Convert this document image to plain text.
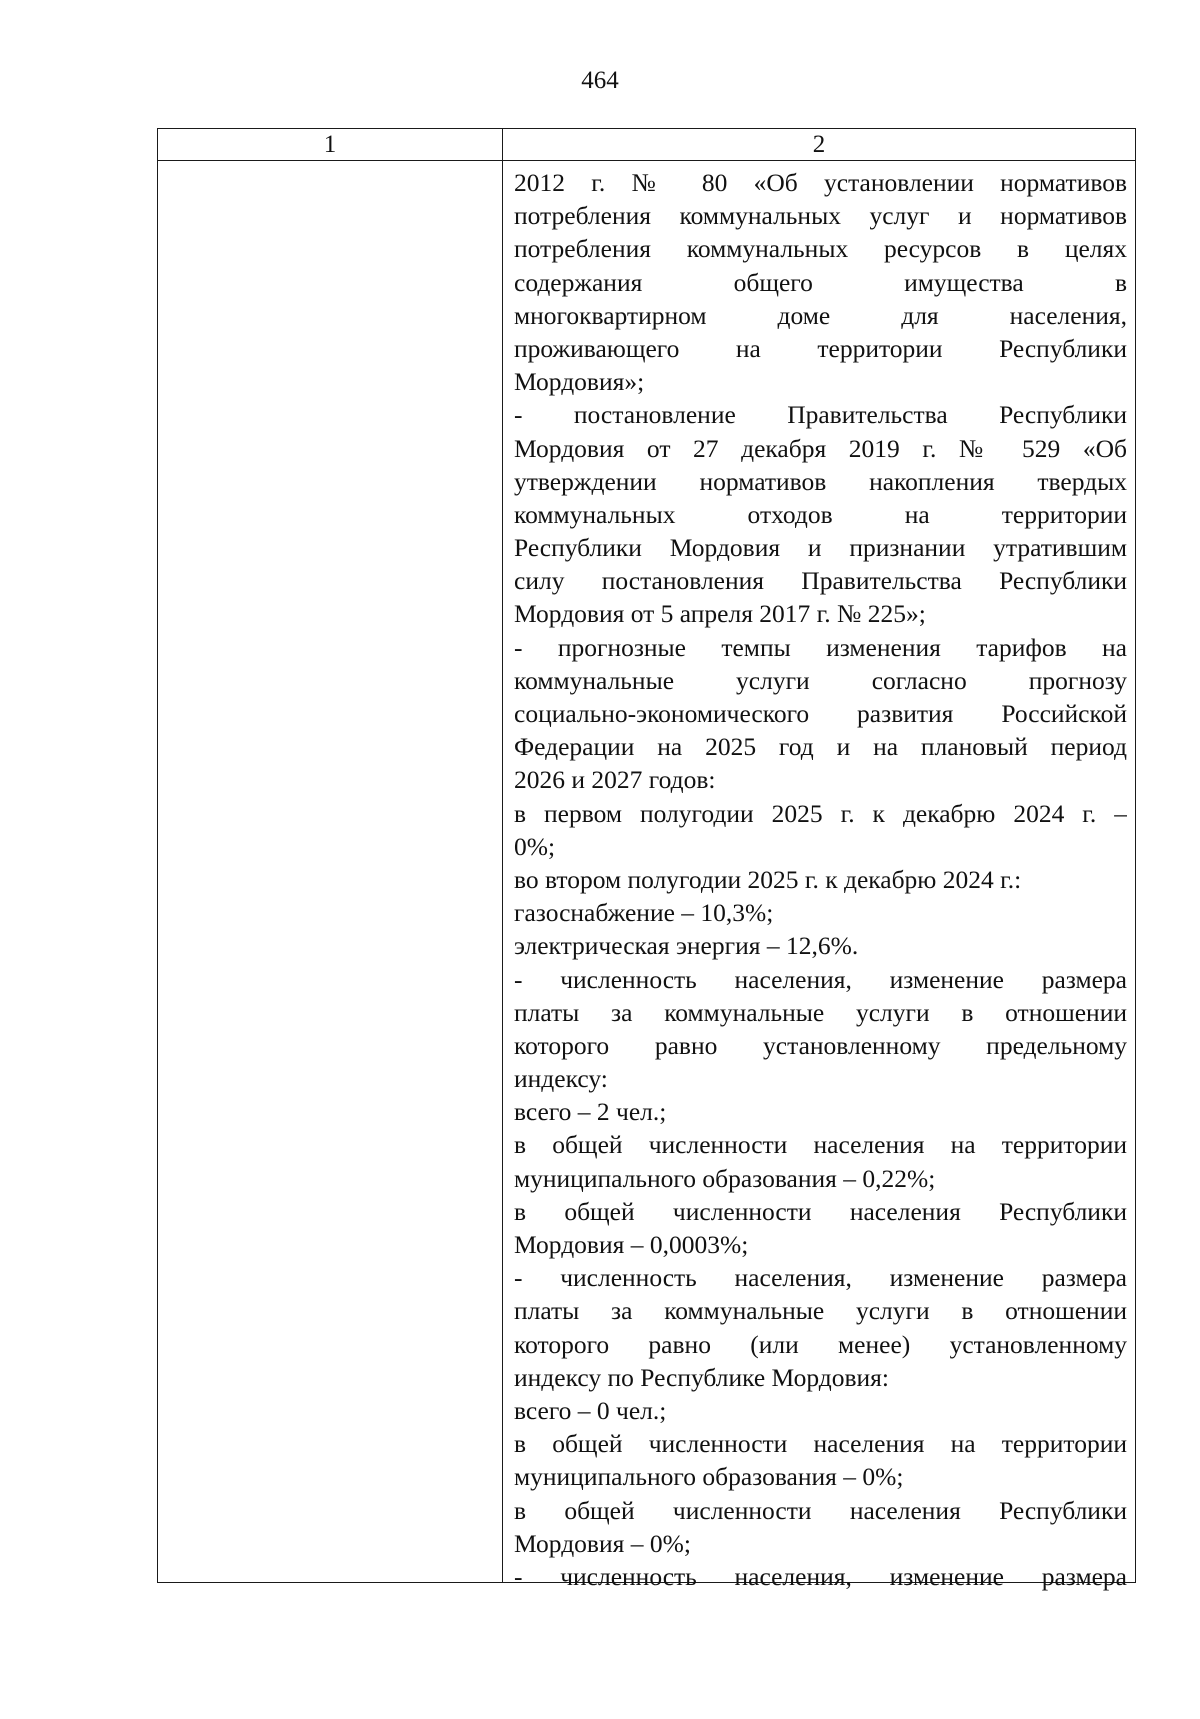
464
1	2
2012 г. № 80 «Об установлении нормативов
потребления коммунальных услуг и нормативов
потребления коммунальных ресурсов в целях
содержания общего имущества в
многоквартирном доме для населения,
проживающего на территории Республики
Мордовия»;
- постановление Правительства Республики
Мордовия от 27 декабря 2019 г. № 529 «Об
утверждении нормативов накопления твердых
коммунальных отходов на территории
Республики Мордовия и признании утратившим
силу постановления Правительства Республики
Мордовия от 5 апреля 2017 г. № 225»;
- прогнозные темпы изменения тарифов на
коммунальные услуги согласно прогнозу
социально-экономического развития Российской
Федерации на 2025 год и на плановый период
2026 и 2027 годов:
в первом полугодии 2025 г. к декабрю 2024 г. –
0%;
во втором полугодии 2025 г. к декабрю 2024 г.:
газоснабжение – 10,3%;
электрическая энергия – 12,6%.
- численность населения, изменение размера
платы за коммунальные услуги в отношении
которого равно установленному предельному
индексу:
всего – 2 чел.;
в общей численности населения на территории
муниципального образования – 0,22%;
в общей численности населения Республики
Мордовия – 0,0003%;
- численность населения, изменение размера
платы за коммунальные услуги в отношении
которого равно (или менее) установленному
индексу по Республике Мордовия:
всего – 0 чел.;
в общей численности населения на территории
муниципального образования – 0%;
в общей численности населения Республики
Мордовия – 0%;
- численность населения, изменение размера
